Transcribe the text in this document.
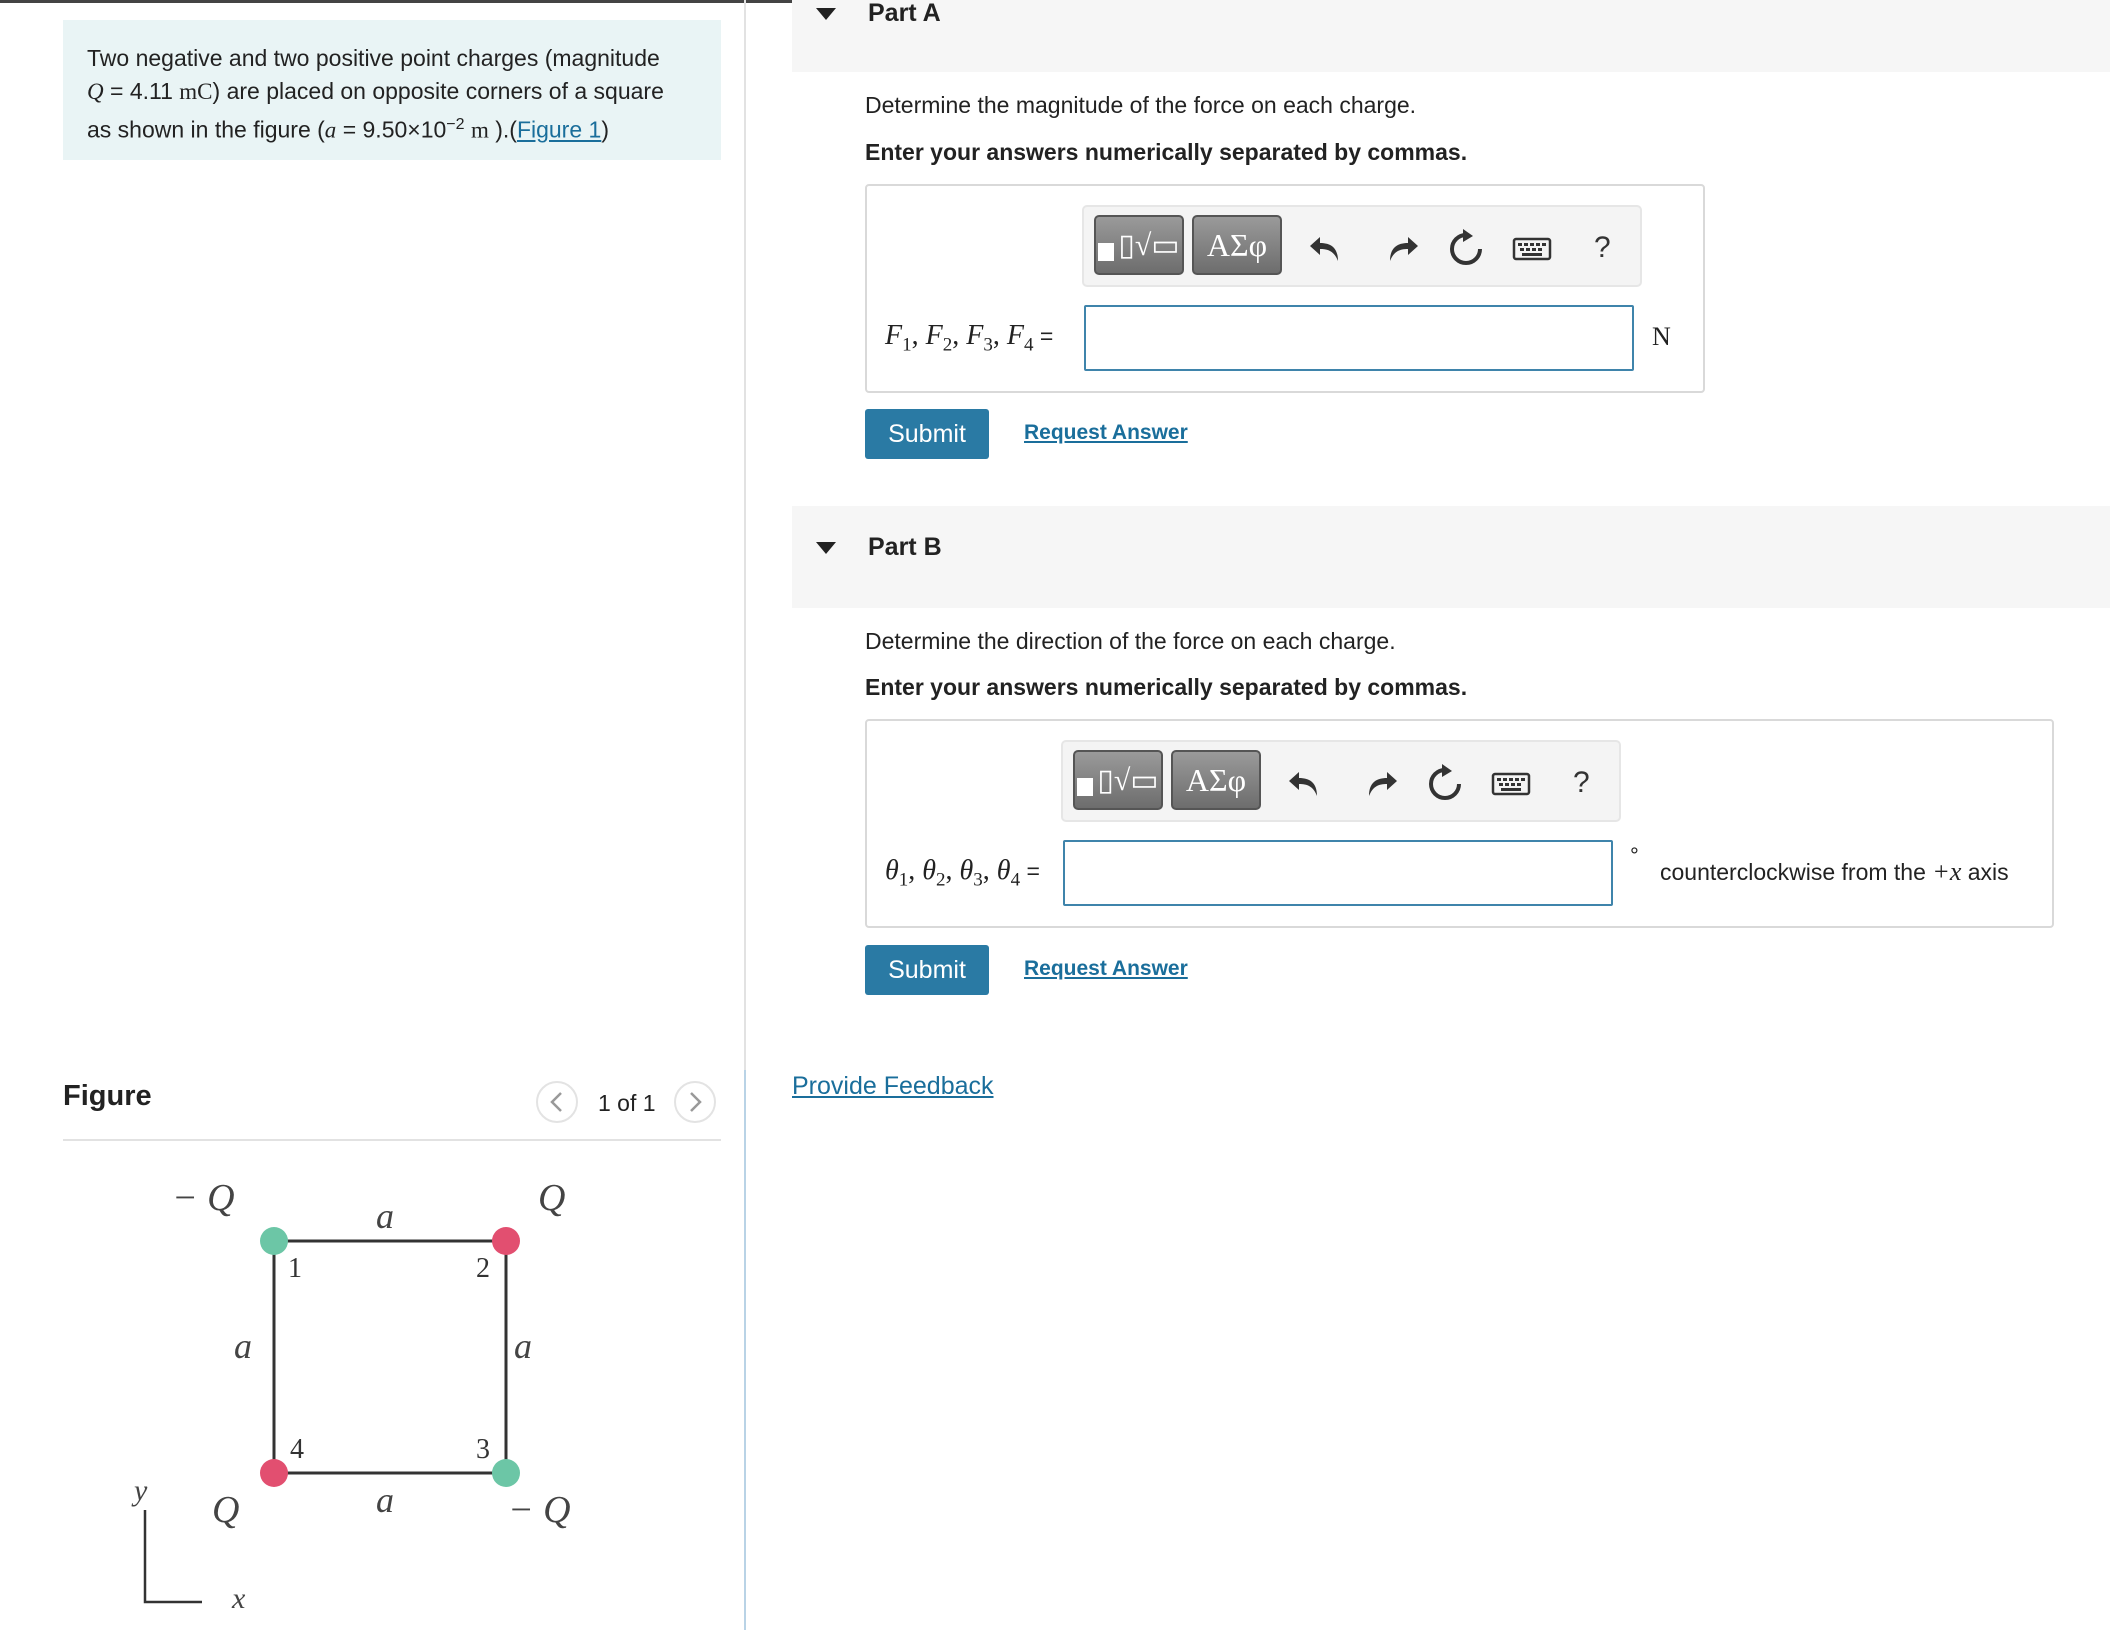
Two negative and two positive point charges (magnitude
Q = 4.11 mC) are placed on opposite corners of a square
as shown in the figure ($a = 9.50\times 10^{-2}$ m ).(Figure 1)
Figure	1 of 1
− Q	Q
− Q
Q
a
a	a
a
y
x
1	2
3
4
Part A
Determine the magnitude of the force on each charge.
Enter your answers numerically separated by commas.
▯√▭ ΑΣφ	?
$F_1$, $F_2$, $F_3$, $F_4$ =	N
Submit	Request Answer
Part B
Determine the direction of the force on each charge.
Enter your answers numerically separated by commas.
▯√▭ ΑΣφ	?
$\theta_1$, $\theta_2$, $\theta_3$, $\theta_4$ =
°
counterclockwise from the +x axis
Submit	Request Answer
Provide Feedback
